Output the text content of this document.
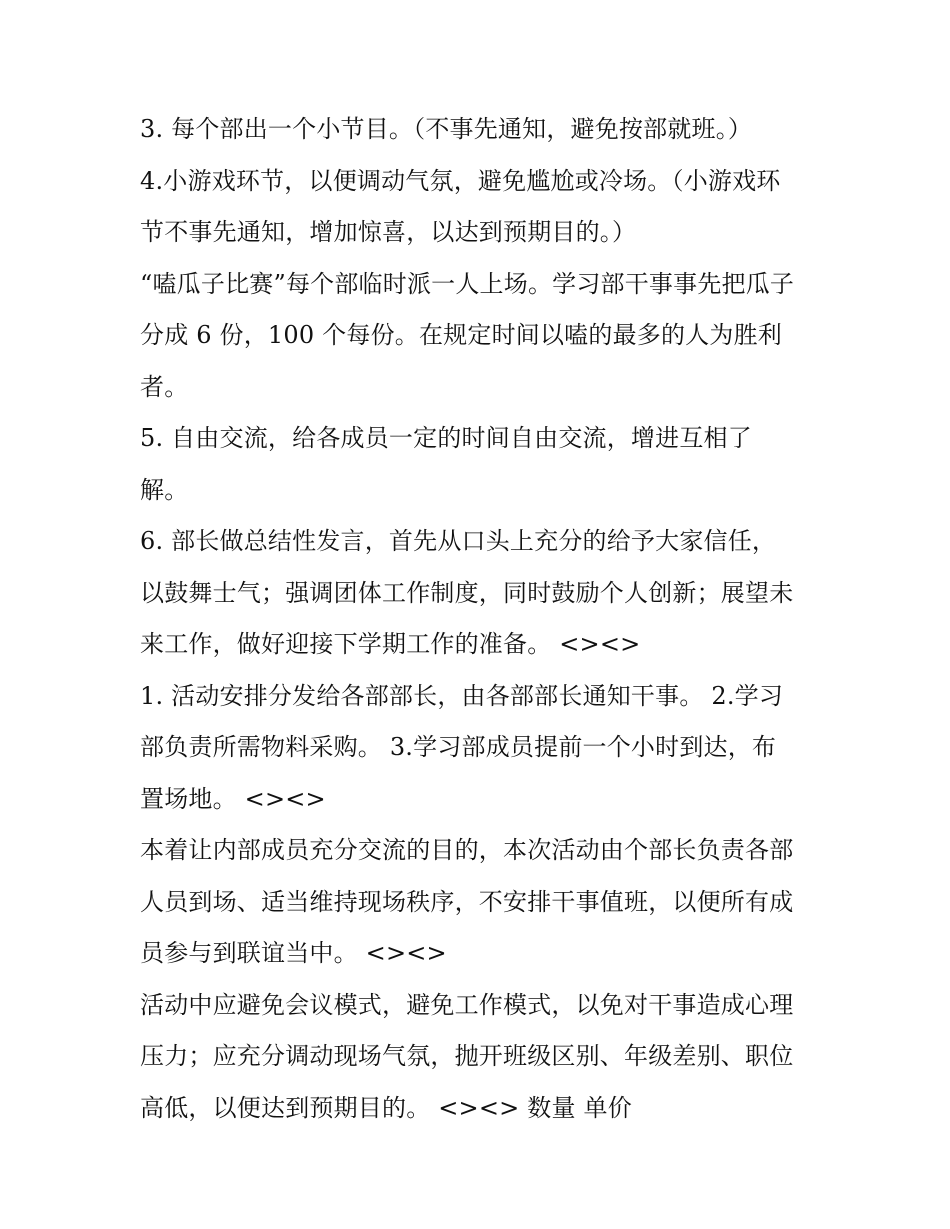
3. 每个部出一个小节目。（不事先通知，避免按部就班。）
4.小游戏环节，以便调动气氛，避免尴尬或冷场。（小游戏环
节不事先通知，增加惊喜，以达到预期目的。）
“嗑瓜子比赛”每个部临时派一人上场。学习部干事事先把瓜子
分成 6 份，100 个每份。在规定时间以嗑的最多的人为胜利
者。
5. 自由交流，给各成员一定的时间自由交流，增进互相了
解。
6. 部长做总结性发言，首先从口头上充分的给予大家信任，
以鼓舞士气；强调团体工作制度，同时鼓励个人创新；展望未
来工作，做好迎接下学期工作的准备。 <><>
1. 活动安排分发给各部部长，由各部部长通知干事。 2.学习
部负责所需物料采购。 3.学习部成员提前一个小时到达，布
置场地。 <><>
本着让内部成员充分交流的目的，本次活动由个部长负责各部
人员到场、适当维持现场秩序，不安排干事值班，以便所有成
员参与到联谊当中。 <><>
活动中应避免会议模式，避免工作模式，以免对干事造成心理
压力；应充分调动现场气氛，抛开班级区别、年级差别、职位
高低，以便达到预期目的。 <><> 数量 单价
